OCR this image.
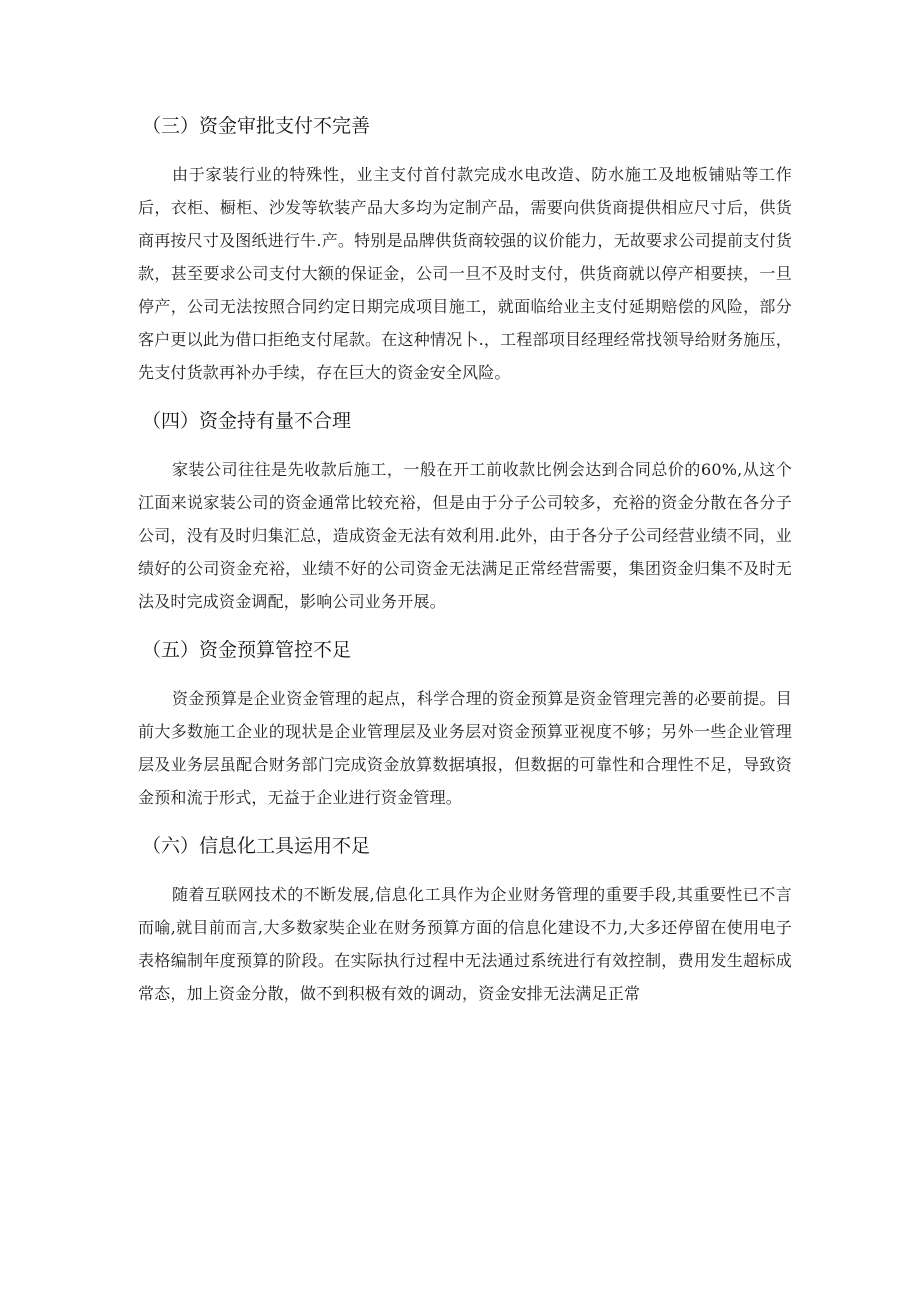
（三）资金审批支付不完善

由于家装行业的特殊性，业主支付首付款完成水电改造、防水施工及地板铺贴等工作后，衣柜、橱柜、沙发等软装产品大多均为定制产品，需要向供货商提供相应尺寸后，供货商再按尺寸及图纸进行牛.产。特别是品牌供货商较强的议价能力，无故要求公司提前支付货款，甚至要求公司支付大额的保证金，公司一旦不及时支付，供货商就以停产相要挟，一旦停产，公司无法按照合同约定日期完成项目施工，就面临给业主支付延期赔偿的风险，部分客户更以此为借口拒绝支付尾款。在这种情况卜.，工程部项目经理经常找领导给财务施压，先支付货款再补办手续，存在巨大的资金安全风险。

（四）资金持有量不合理

家装公司往往是先收款后施工，一般在开工前收款比例会达到合同总价的60%,从这个江面来说家装公司的资金通常比较充裕，但是由于分子公司较多，充裕的资金分散在各分子公司，没有及时归集汇总，造成资金无法有效利用.此外，由于各分子公司经营业绩不同，业绩好的公司资金充裕，业绩不好的公司资金无法满足正常经营需要，集团资金归集不及时无法及时完成资金调配，影响公司业务开展。

（五）资金预算管控不足

资金预算是企业资金管理的起点，科学合理的资金预算是资金管理完善的必要前提。目前大多数施工企业的现状是企业管理层及业务层对资金预算亚视度不够；另外一些企业管理层及业务层虽配合财务部门完成资金放算数据填报，但数据的可靠性和合理性不足，导致资金预和流于形式，无益于企业进行资金管理。

（六）信息化工具运用不足

随着互联网技术的不断发展,信息化工具作为企业财务管理的重要手段,其重要性已不言而喻,就目前而言,大多数家奘企业在财务预算方面的信息化建设不力,大多还停留在使用电子表格编制年度预算的阶段。在实际执行过程中无法通过系统进行有效控制，费用发生超标成常态，加上资金分散，做不到积极有效的调动，资金安排无法满足正常
